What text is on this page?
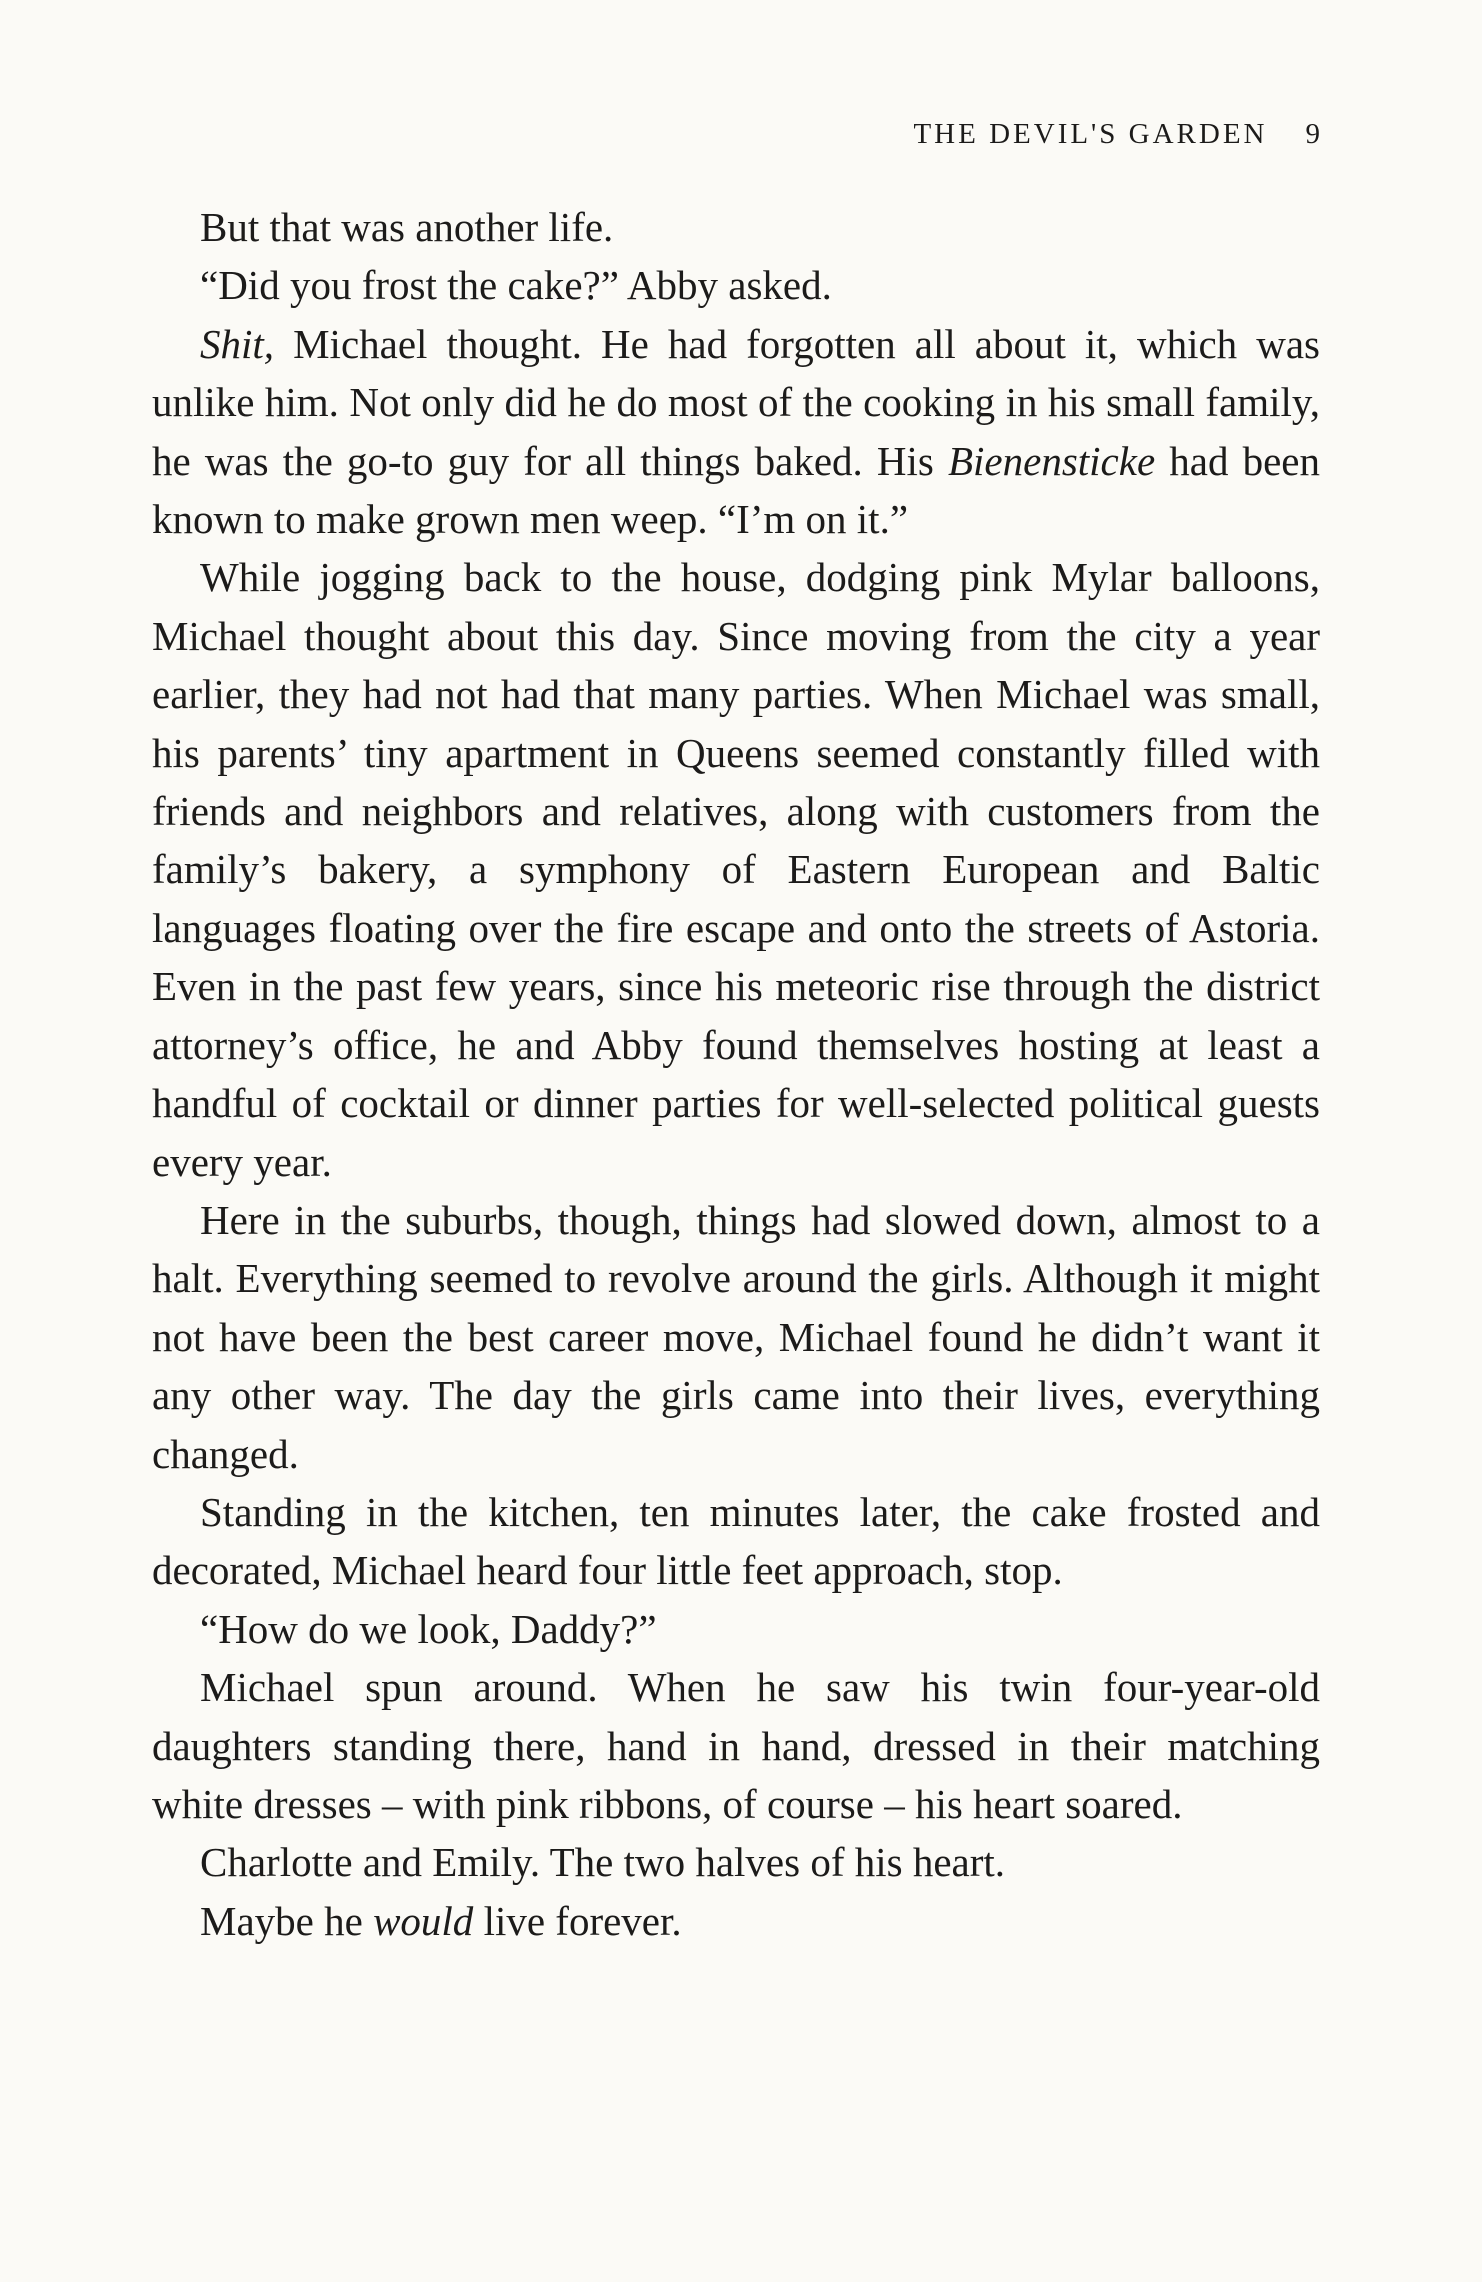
THE DEVIL'S GARDEN 9

But that was another life.

“Did you frost the cake?” Abby asked.

Shit, Michael thought. He had forgotten all about it, which was unlike him. Not only did he do most of the cooking in his small family, he was the go-to guy for all things baked. His Bienensticke had been known to make grown men weep. “I’m on it.”

While jogging back to the house, dodging pink Mylar balloons, Michael thought about this day. Since moving from the city a year earlier, they had not had that many parties. When Michael was small, his parents’ tiny apartment in Queens seemed constantly filled with friends and neighbors and relatives, along with customers from the family’s bakery, a symphony of Eastern European and Baltic languages floating over the fire escape and onto the streets of Astoria. Even in the past few years, since his meteoric rise through the district attorney’s office, he and Abby found themselves hosting at least a handful of cocktail or dinner parties for well-selected political guests every year.

Here in the suburbs, though, things had slowed down, almost to a halt. Everything seemed to revolve around the girls. Although it might not have been the best career move, Michael found he didn’t want it any other way. The day the girls came into their lives, everything changed.

Standing in the kitchen, ten minutes later, the cake frosted and decorated, Michael heard four little feet approach, stop.

“How do we look, Daddy?”

Michael spun around. When he saw his twin four-year-old daughters standing there, hand in hand, dressed in their matching white dresses – with pink ribbons, of course – his heart soared.

Charlotte and Emily. The two halves of his heart.

Maybe he would live forever.
